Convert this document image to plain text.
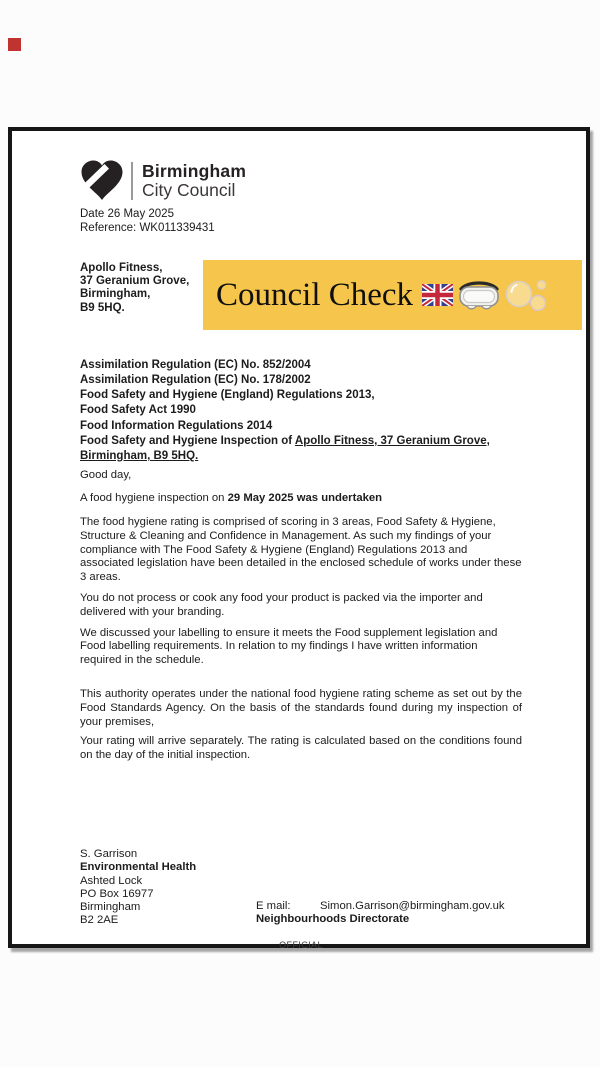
Birmingham
City Council
Date 26 May 2025
Reference: WK011339431
Apollo Fitness,
37 Geranium Grove,
Birmingham,
B9 5HQ.	Council Check
Assimilation Regulation (EC) No. 852/2004
Assimilation Regulation (EC) No. 178/2002
Food Safety and Hygiene (England) Regulations 2013,
Food Safety Act 1990
Food Information Regulations 2014
Food Safety and Hygiene Inspection of Apollo Fitness, 37 Geranium Grove, Birmingham, B9 5HQ.
Good day,
A food hygiene inspection on 29 May 2025 was undertaken
The food hygiene rating is comprised of scoring in 3 areas, Food Safety & Hygiene, Structure & Cleaning and Confidence in Management. As such my findings of your compliance with The Food Safety & Hygiene (England) Regulations 2013 and associated legislation have been detailed in the enclosed schedule of works under these 3 areas.
You do not process or cook any food your product is packed via the importer and delivered with your branding.
We discussed your labelling to ensure it meets the Food supplement legislation and Food labelling requirements. In relation to my findings I have written information required in the schedule.
This authority operates under the national food hygiene rating scheme as set out by the Food Standards Agency. On the basis of the standards found during my inspection of your premises,
Your rating will arrive separately. The rating is calculated based on the conditions found on the day of the initial inspection.
S. Garrison
Environmental Health
Ashted Lock
PO Box 16977
Birmingham
B2 2AE
E mail:	Simon.Garrison@birmingham.gov.uk
Neighbourhoods Directorate
OFFICIAL
